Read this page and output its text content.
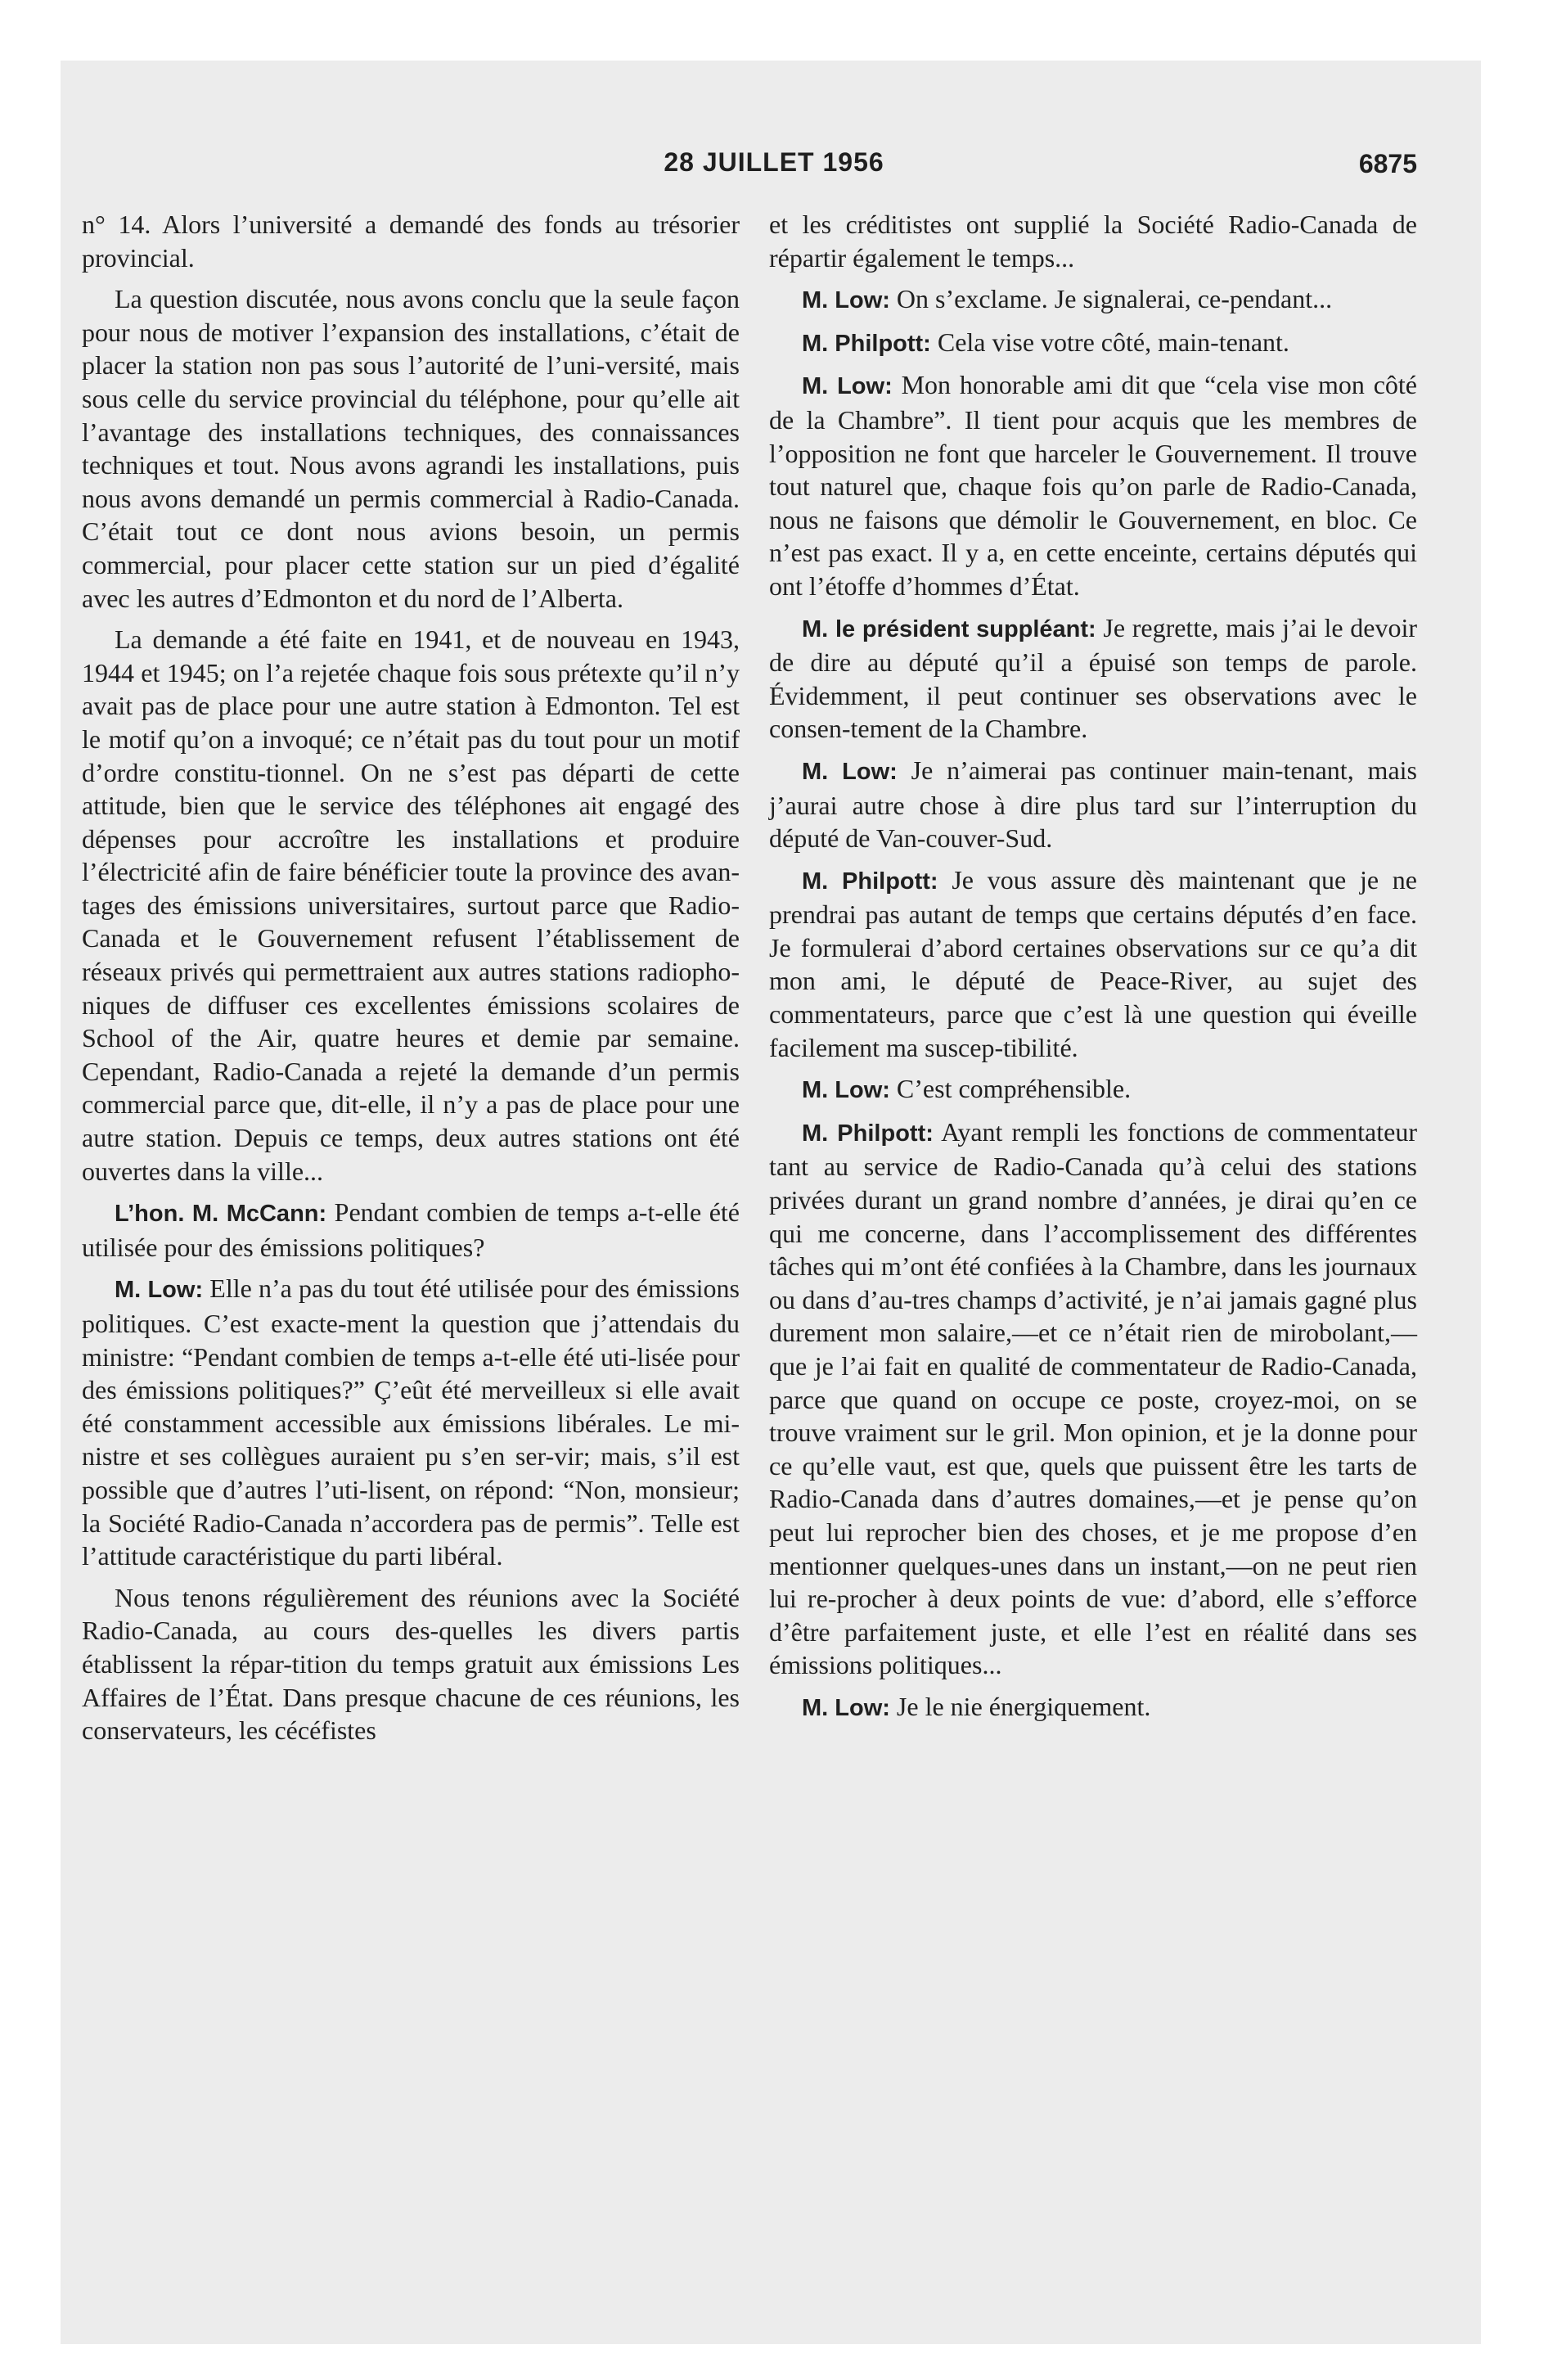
28 JUILLET 1956	6875

n° 14. Alors l’université a demandé des fonds au trésorier provincial.

La question discutée, nous avons conclu que la seule façon pour nous de motiver l’expansion des installations, c’était de placer la station non pas sous l’autorité de l’uni-versité, mais sous celle du service provincial du téléphone, pour qu’elle ait l’avantage des installations techniques, des connaissances techniques et tout. Nous avons agrandi les installations, puis nous avons demandé un permis commercial à Radio-Canada. C’était tout ce dont nous avions besoin, un permis commercial, pour placer cette station sur un pied d’égalité avec les autres d’Edmonton et du nord de l’Alberta.

La demande a été faite en 1941, et de nouveau en 1943, 1944 et 1945; on l’a rejetée chaque fois sous prétexte qu’il n’y avait pas de place pour une autre station à Edmonton. Tel est le motif qu’on a invoqué; ce n’était pas du tout pour un motif d’ordre constitu-tionnel. On ne s’est pas départi de cette attitude, bien que le service des téléphones ait engagé des dépenses pour accroître les installations et produire l’électricité afin de faire bénéficier toute la province des avan-tages des émissions universitaires, surtout parce que Radio-Canada et le Gouvernement refusent l’établissement de réseaux privés qui permettraient aux autres stations radiopho-niques de diffuser ces excellentes émissions scolaires de School of the Air, quatre heures et demie par semaine. Cependant, Radio-Canada a rejeté la demande d’un permis commercial parce que, dit-elle, il n’y a pas de place pour une autre station. Depuis ce temps, deux autres stations ont été ouvertes dans la ville...

L’hon. M. McCann: Pendant combien de temps a-t-elle été utilisée pour des émissions politiques?

M. Low: Elle n’a pas du tout été utilisée pour des émissions politiques. C’est exacte-ment la question que j’attendais du ministre: “Pendant combien de temps a-t-elle été uti-lisée pour des émissions politiques?” Ç’eût été merveilleux si elle avait été constamment accessible aux émissions libérales. Le mi-nistre et ses collègues auraient pu s’en ser-vir; mais, s’il est possible que d’autres l’uti-lisent, on répond: “Non, monsieur; la Société Radio-Canada n’accordera pas de permis”. Telle est l’attitude caractéristique du parti libéral.

Nous tenons régulièrement des réunions avec la Société Radio-Canada, au cours des-quelles les divers partis établissent la répar-tition du temps gratuit aux émissions Les Affaires de l’État. Dans presque chacune de ces réunions, les conservateurs, les cécéfistes

et les créditistes ont supplié la Société Radio-Canada de répartir également le temps...

M. Low: On s’exclame. Je signalerai, ce-pendant...

M. Philpott: Cela vise votre côté, main-tenant.

M. Low: Mon honorable ami dit que “cela vise mon côté de la Chambre”. Il tient pour acquis que les membres de l’opposition ne font que harceler le Gouvernement. Il trouve tout naturel que, chaque fois qu’on parle de Radio-Canada, nous ne faisons que démolir le Gouvernement, en bloc. Ce n’est pas exact. Il y a, en cette enceinte, certains députés qui ont l’étoffe d’hommes d’État.

M. le président suppléant: Je regrette, mais j’ai le devoir de dire au député qu’il a épuisé son temps de parole. Évidemment, il peut continuer ses observations avec le consen-tement de la Chambre.

M. Low: Je n’aimerai pas continuer main-tenant, mais j’aurai autre chose à dire plus tard sur l’interruption du député de Van-couver-Sud.

M. Philpott: Je vous assure dès maintenant que je ne prendrai pas autant de temps que certains députés d’en face. Je formulerai d’abord certaines observations sur ce qu’a dit mon ami, le député de Peace-River, au sujet des commentateurs, parce que c’est là une question qui éveille facilement ma suscep-tibilité.

M. Low: C’est compréhensible.

M. Philpott: Ayant rempli les fonctions de commentateur tant au service de Radio-Canada qu’à celui des stations privées durant un grand nombre d’années, je dirai qu’en ce qui me concerne, dans l’accomplissement des différentes tâches qui m’ont été confiées à la Chambre, dans les journaux ou dans d’au-tres champs d’activité, je n’ai jamais gagné plus durement mon salaire,—et ce n’était rien de mirobolant,—que je l’ai fait en qualité de commentateur de Radio-Canada, parce que quand on occupe ce poste, croyez-moi, on se trouve vraiment sur le gril. Mon opinion, et je la donne pour ce qu’elle vaut, est que, quels que puissent être les tarts de Radio-Canada dans d’autres domaines,—et je pense qu’on peut lui reprocher bien des choses, et je me propose d’en mentionner quelques-unes dans un instant,—on ne peut rien lui re-procher à deux points de vue: d’abord, elle s’efforce d’être parfaitement juste, et elle l’est en réalité dans ses émissions politiques...

M. Low: Je le nie énergiquement.
